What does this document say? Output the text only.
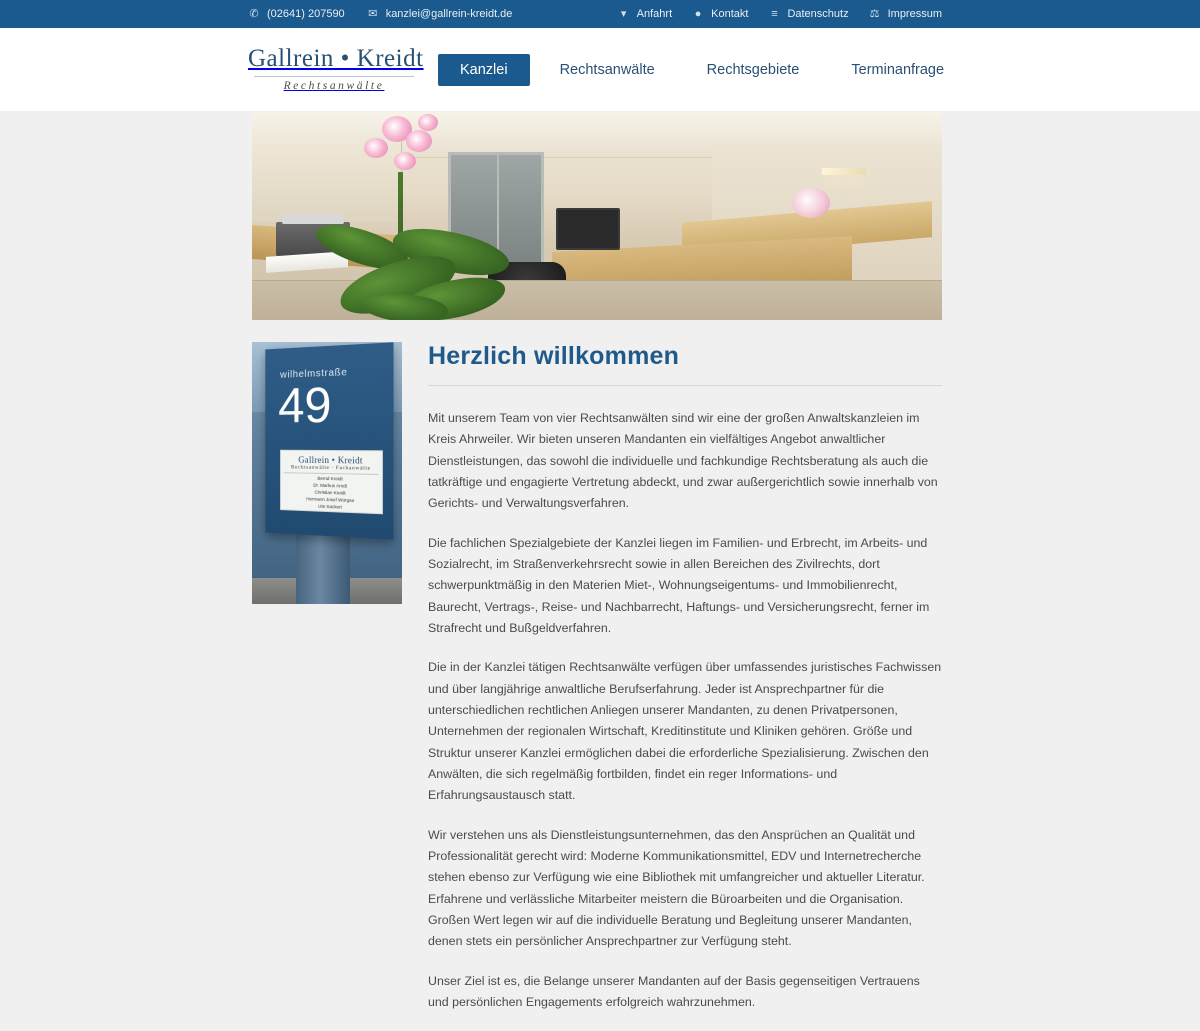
✆ (02641) 207590 ✉ kanzlei@gallrein-kreidt.de	▾ Anfahrt ● Kontakt ≡ Datenschutz ⚖ Impressum
Gallrein • Kreidt
Rechtsanwälte
Kanzlei	Rechtsanwälte	Rechtsgebiete	Terminanfrage
wilhelmstraße
49
Gallrein • Kreidt
Rechtsanwälte · Fachanwälte
Bernd Kreidt
Dr. Markus Arndt
Christian Kreidt
Hermann Josef Würgau
Ute Sackert
Herzlich willkommen

Mit unserem Team von vier Rechtsanwälten sind wir eine der großen Anwaltskanzleien im Kreis Ahrweiler. Wir bieten unseren Mandanten ein vielfältiges Angebot anwaltlicher Dienstleistungen, das sowohl die individuelle und fachkundige Rechtsberatung als auch die tatkräftige und engagierte Vertretung abdeckt, und zwar außergerichtlich sowie innerhalb von Gerichts- und Verwaltungsverfahren.

Die fachlichen Spezialgebiete der Kanzlei liegen im Familien- und Erbrecht, im Arbeits- und Sozialrecht, im Straßenverkehrsrecht sowie in allen Bereichen des Zivilrechts, dort schwerpunktmäßig in den Materien Miet-, Wohnungseigentums- und Immobilienrecht, Baurecht, Vertrags-, Reise- und Nachbarrecht, Haftungs- und Versicherungsrecht, ferner im Strafrecht und Bußgeldverfahren.

Die in der Kanzlei tätigen Rechtsanwälte verfügen über umfassendes juristisches Fachwissen und über langjährige anwaltliche Berufserfahrung. Jeder ist Ansprechpartner für die unterschiedlichen rechtlichen Anliegen unserer Mandanten, zu denen Privatpersonen, Unternehmen der regionalen Wirtschaft, Kreditinstitute und Kliniken gehören. Größe und Struktur unserer Kanzlei ermöglichen dabei die erforderliche Spezialisierung. Zwischen den Anwälten, die sich regelmäßig fortbilden, findet ein reger Informations- und Erfahrungsaustausch statt.

Wir verstehen uns als Dienstleistungsunternehmen, das den Ansprüchen an Qualität und Professionalität gerecht wird: Moderne Kommunikationsmittel, EDV und Internetrecherche stehen ebenso zur Verfügung wie eine Bibliothek mit umfangreicher und aktueller Literatur. Erfahrene und verlässliche Mitarbeiter meistern die Büroarbeiten und die Organisation. Großen Wert legen wir auf die individuelle Beratung und Begleitung unserer Mandanten, denen stets ein persönlicher Ansprechpartner zur Verfügung steht.

Unser Ziel ist es, die Belange unserer Mandanten auf der Basis gegenseitigen Vertrauens und persönlichen Engagements erfolgreich wahrzunehmen.
